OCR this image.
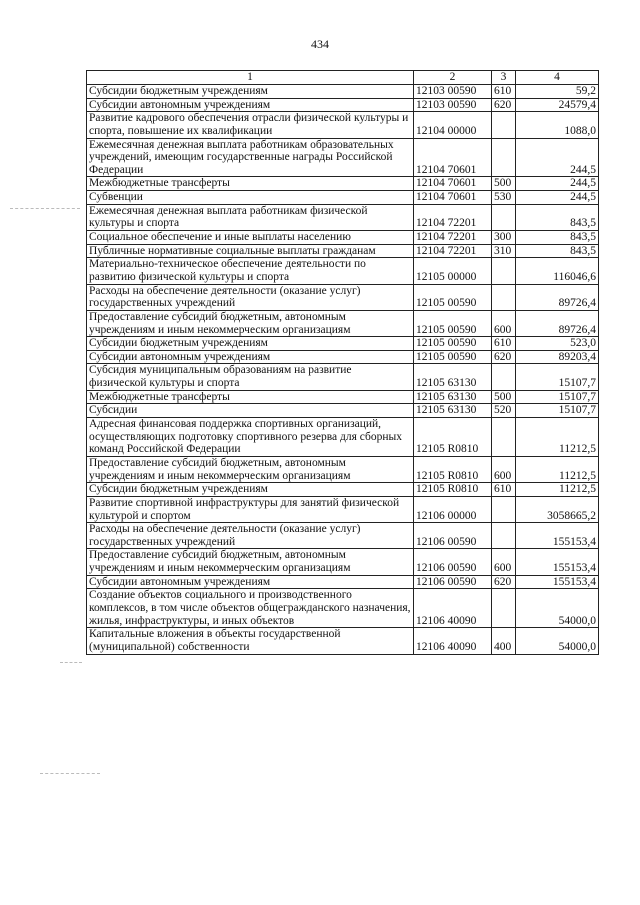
434
1	2	3	4
Субсидии бюджетным учреждениям	12103 00590	610	59,2
Субсидии автономным учреждениям	12103 00590	620	24579,4
Развитие кадрового обеспечения отрасли физической культуры и спорта, повышение их квалификации	12104 00000		1088,0
Ежемесячная денежная выплата работникам образовательных учреждений, имеющим государственные награды Российской Федерации	12104 70601		244,5
Межбюджетные трансферты	12104 70601	500	244,5
Субвенции	12104 70601	530	244,5
Ежемесячная денежная выплата работникам физической культуры и спорта	12104 72201		843,5
Социальное обеспечение и иные выплаты населению	12104 72201	300	843,5
Публичные нормативные социальные выплаты гражданам	12104 72201	310	843,5
Материально-техническое обеспечение деятельности по развитию физической культуры и спорта	12105 00000		116046,6
Расходы на обеспечение деятельности (оказание услуг) государственных учреждений	12105 00590		89726,4
Предоставление субсидий бюджетным, автономным учреждениям и иным некоммерческим организациям	12105 00590	600	89726,4
Субсидии бюджетным учреждениям	12105 00590	610	523,0
Субсидии автономным учреждениям	12105 00590	620	89203,4
Субсидия муниципальным образованиям на развитие физической культуры и спорта	12105 63130		15107,7
Межбюджетные трансферты	12105 63130	500	15107,7
Субсидии	12105 63130	520	15107,7
Адресная финансовая поддержка спортивных организаций, осуществляющих подготовку спортивного резерва для сборных команд Российской Федерации	12105 R0810		11212,5
Предоставление субсидий бюджетным, автономным учреждениям и иным некоммерческим организациям	12105 R0810	600	11212,5
Субсидии бюджетным учреждениям	12105 R0810	610	11212,5
Развитие спортивной инфраструктуры для занятий физической культурой и спортом	12106 00000		3058665,2
Расходы на обеспечение деятельности (оказание услуг) государственных учреждений	12106 00590		155153,4
Предоставление субсидий бюджетным, автономным учреждениям и иным некоммерческим организациям	12106 00590	600	155153,4
Субсидии автономным учреждениям	12106 00590	620	155153,4
Создание объектов социального и производственного комплексов, в том числе объектов общегражданского назначения, жилья, инфраструктуры, и иных объектов	12106 40090		54000,0
Капитальные вложения в объекты государственной (муниципальной) собственности	12106 40090	400	54000,0
